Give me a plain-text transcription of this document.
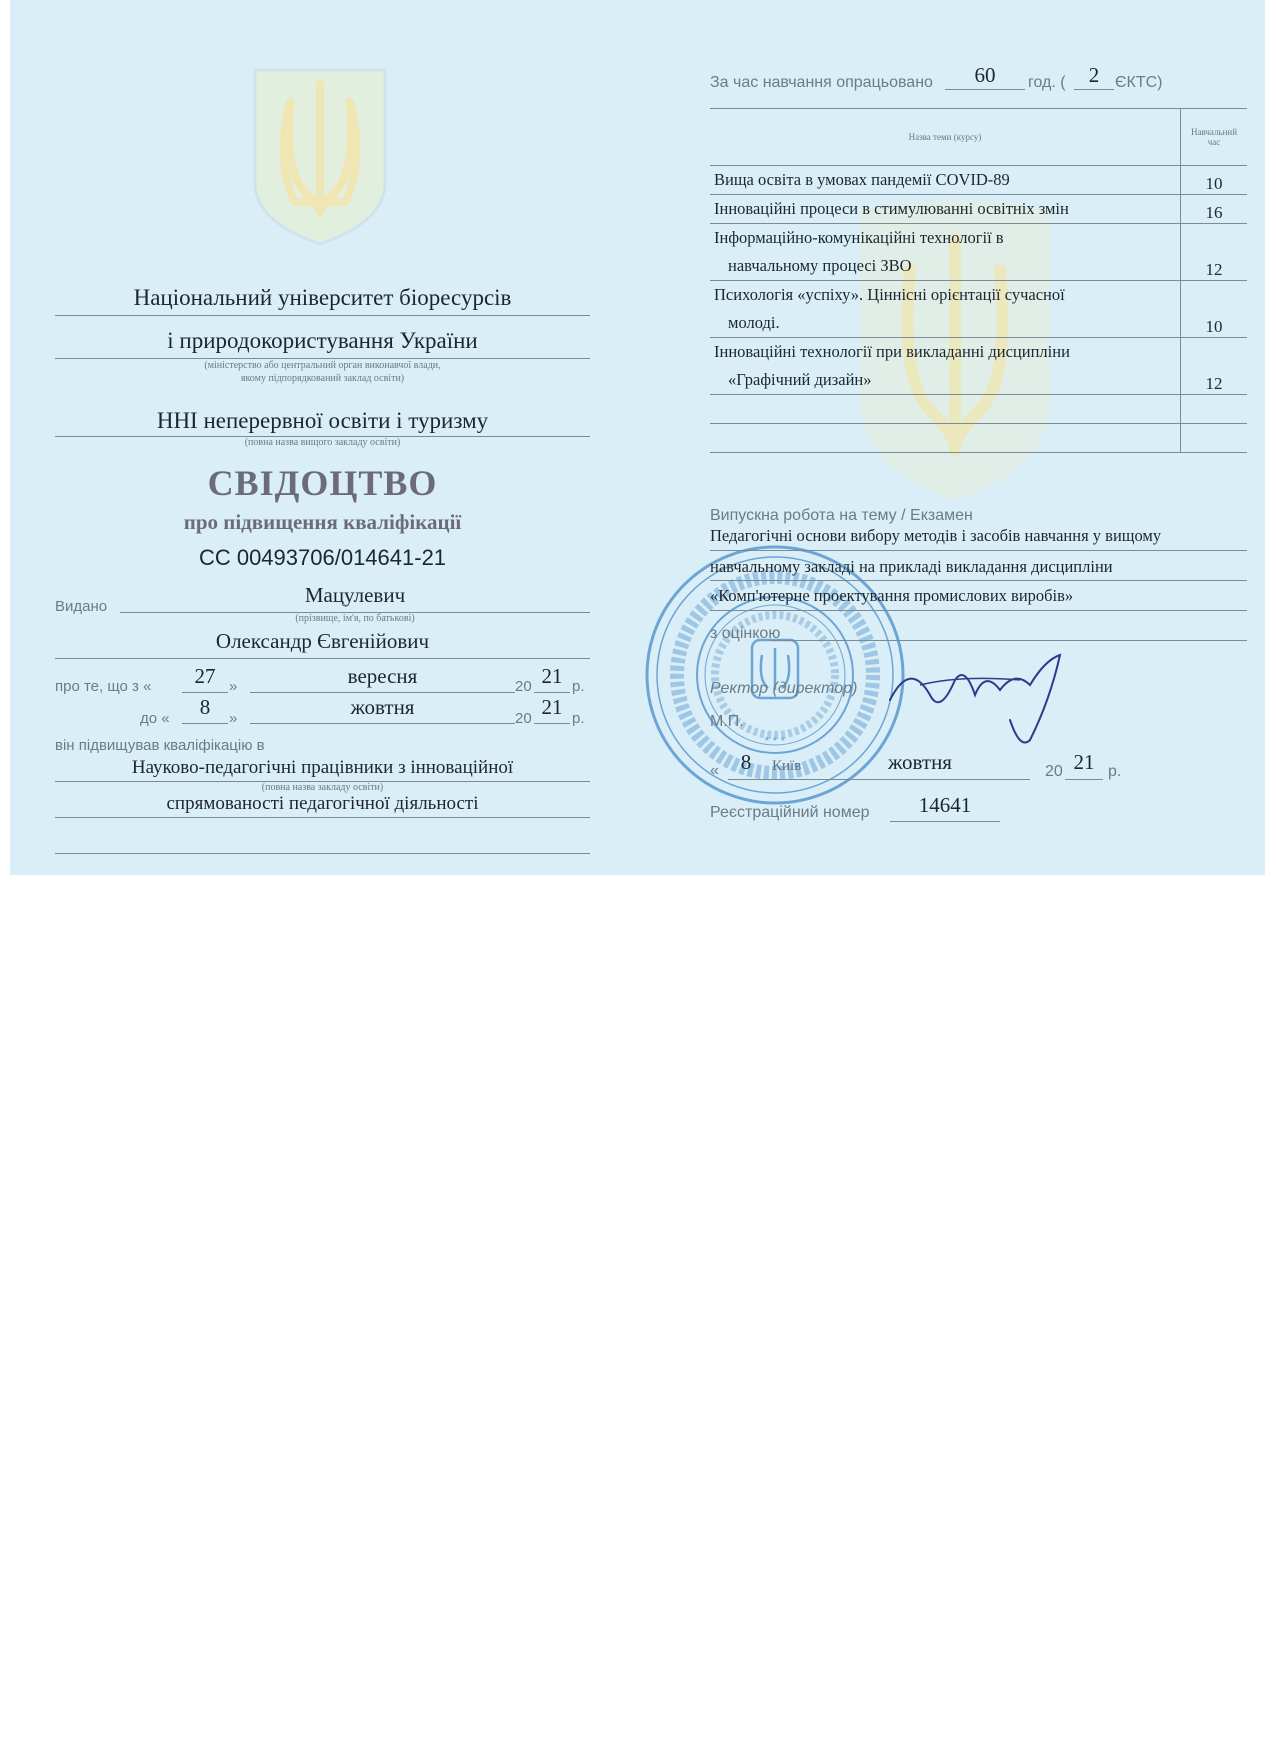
Національний університет біоресурсів
і природокористування України
(міністерство або центральний орган виконавчої влади,
якому підпорядкований заклад освіти)
ННІ неперервної освіти і туризму
(повна назва вищого закладу освіти)
СВІДОЦТВО
про підвищення кваліфікації
СС 00493706/014641-21
Видано	Мацулевич
(прізвище, ім'я, по батькові)
Олександр Євгенійович
про те, що з «	27 »	вересня	20 21 р.
до «	8	»	жовтня	20 21 р.
він підвищував кваліфікацію в
Науково-педагогічні працівники з інноваційної
(повна назва закладу освіти)
спрямованості педагогічної діяльності
За час навчання опрацьовано	60	год. (	2 ЄКТС)
Назва теми (курсу)	Навчальний час
Вища освіта в умовах пандемії COVID-89	10
Інноваційні процеси в стимулюванні освітніх змін	16
Інформаційно-комунікаційні технології в
навчальному процесі ЗВО	12
Психологія «успіху». Ціннісні орієнтації сучасної
молоді.	10
Інноваційні технології при викладанні дисципліни
«Графічний дизайн»	12

* * *
Випускна робота на тему / Екзамен
Педагогічні основи вибору методів і засобів навчання у вищому
навчальному закладі на прикладі викладання дисципліни
«Комп'ютерне проектування промислових виробів»
з оцінкою
Ректор (директор)
М.П.
«	8	Київ	жовтня	20 21 р.
Реєстраційний номер	14641
